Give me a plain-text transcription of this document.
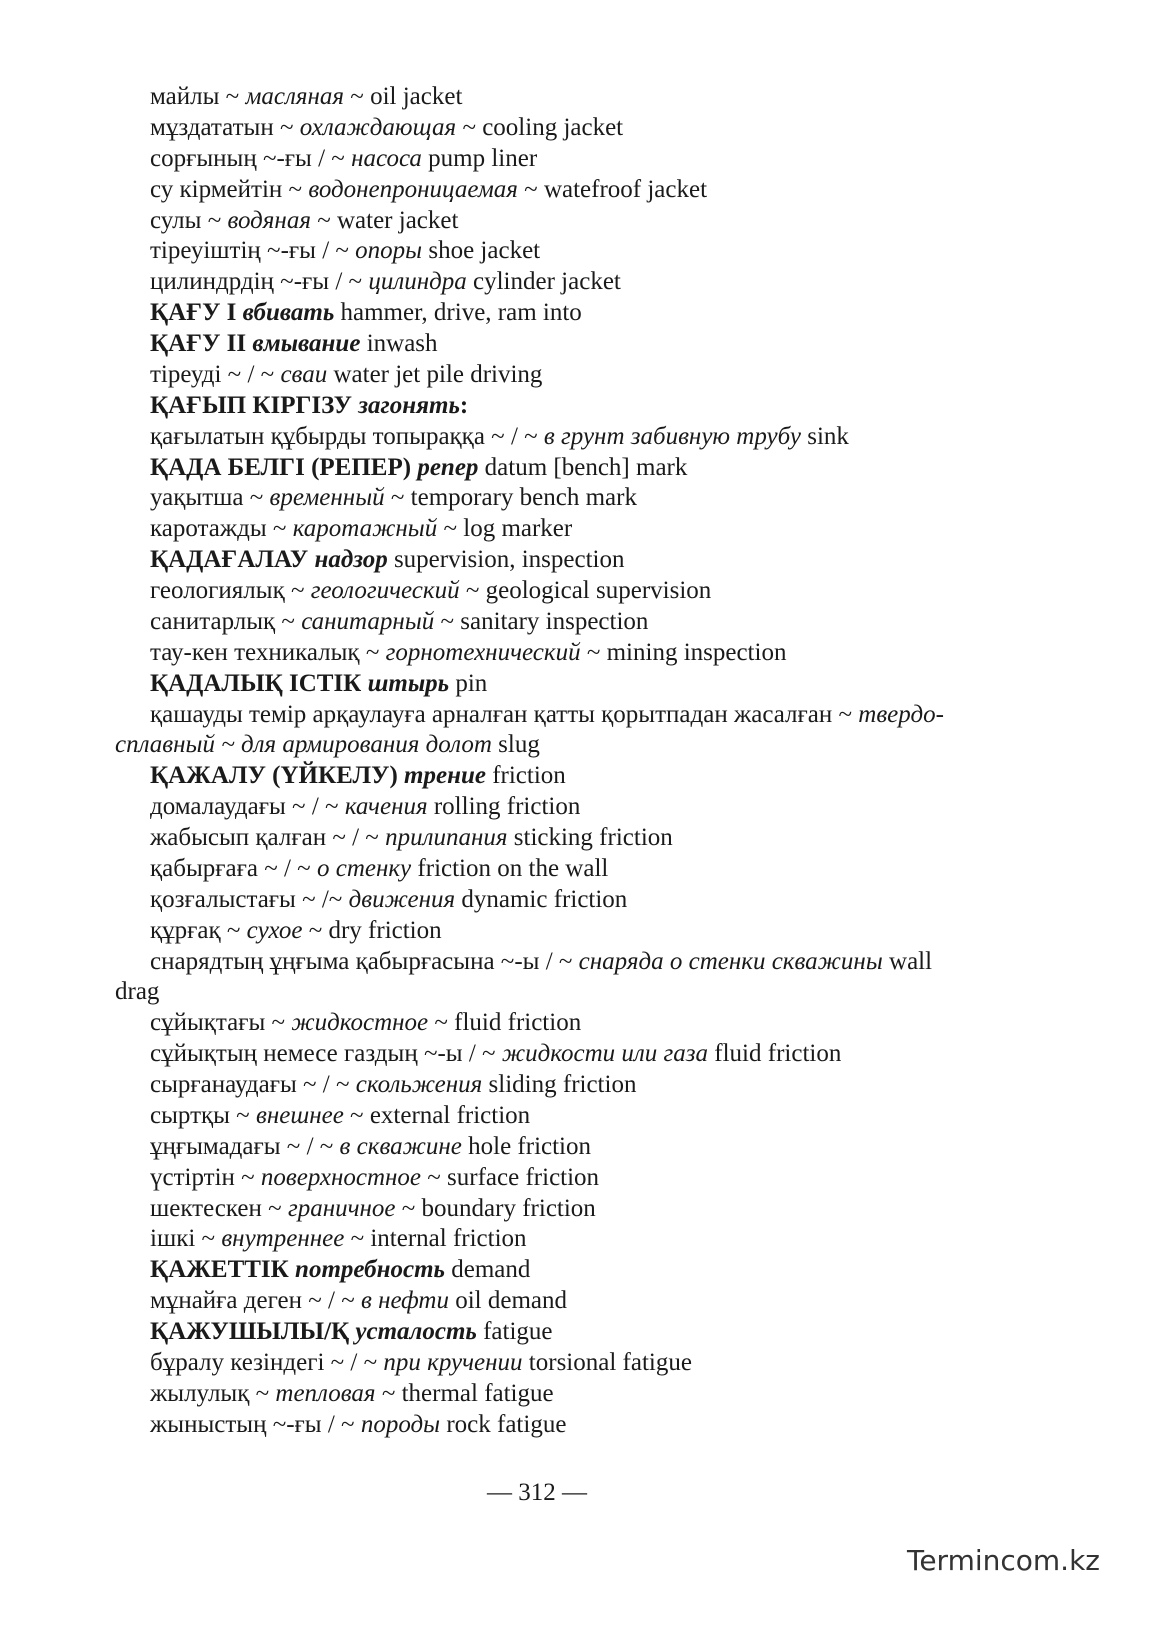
майлы ~ масляная ~ oil jacket
мұздататын ~ охлаждающая ~ cooling jacket
сорғының ~-ғы / ~ насоса pump liner
су кірмейтін ~ водонепроницаемая ~ watefroof jacket
сулы ~ водяная ~ water jacket
тіреуіштің ~-ғы / ~ опоры shoe jacket
цилиндрдің ~-ғы / ~ цилиндра cylinder jacket
ҚАҒУ І вбивать hammer, drive, ram into
ҚАҒУ ІІ вмывание inwash
тіреуді ~ / ~ сваи water jet pile driving
ҚАҒЫП КІРГІЗУ загонять:
қағылатын құбырды топыраққа ~ / ~ в грунт забивную трубу sink
ҚАДА БЕЛГІ (РЕПЕР) репер datum [bench] mark
уақытша ~ временный ~ temporary bench mark
каротажды ~ каротажный ~ log marker
ҚАДАҒАЛАУ надзор supervision, inspection
геологиялық ~ геологический ~ geological supervision
санитарлық ~ санитарный ~ sanitary inspection
тау-кен техникалық ~ горнотехнический ~ mining inspection
ҚАДАЛЫҚ ІСТІК штырь pin
қашауды темір арқаулауға арналған қатты қорытпадан жасалған ~ твердо-
сплавный ~ для армирования долот slug
ҚАЖАЛУ (ҮЙКЕЛУ) трение friction
домалаудағы ~ / ~ качения rolling friction
жабысып қалған ~ / ~ прилипания sticking friction
қабырғаға ~ / ~ о стенку friction on the wall
қозғалыстағы ~ /~ движения dynamic friction
құрғақ ~ сухое ~ dry friction
снарядтың ұңғыма қабырғасына ~-ы / ~ снаряда о стенки скважины wall
drag
сұйықтағы ~ жидкостное ~ fluid friction
сұйықтың немесе газдың ~-ы / ~ жидкости или газа fluid friction
сырғанаудағы ~ / ~ скольжения sliding friction
сыртқы ~ внешнее ~ external friction
ұңғымадағы ~ / ~ в скважине hole friction
үстіртін ~ поверхностное ~ surface friction
шектескен ~ граничное ~ boundary friction
ішкі ~ внутреннее ~ internal friction
ҚАЖЕТТІК потребность demand
мұнайға деген ~ / ~ в нефти oil demand
ҚАЖУШЫЛЫ/Қ усталость fatigue
бұралу кезіндегі ~ / ~ при кручении torsional fatigue
жылулық ~ тепловая ~ thermal fatigue
жыныстың ~-ғы / ~ породы rock fatigue
— 312 —
Termincom.kz
